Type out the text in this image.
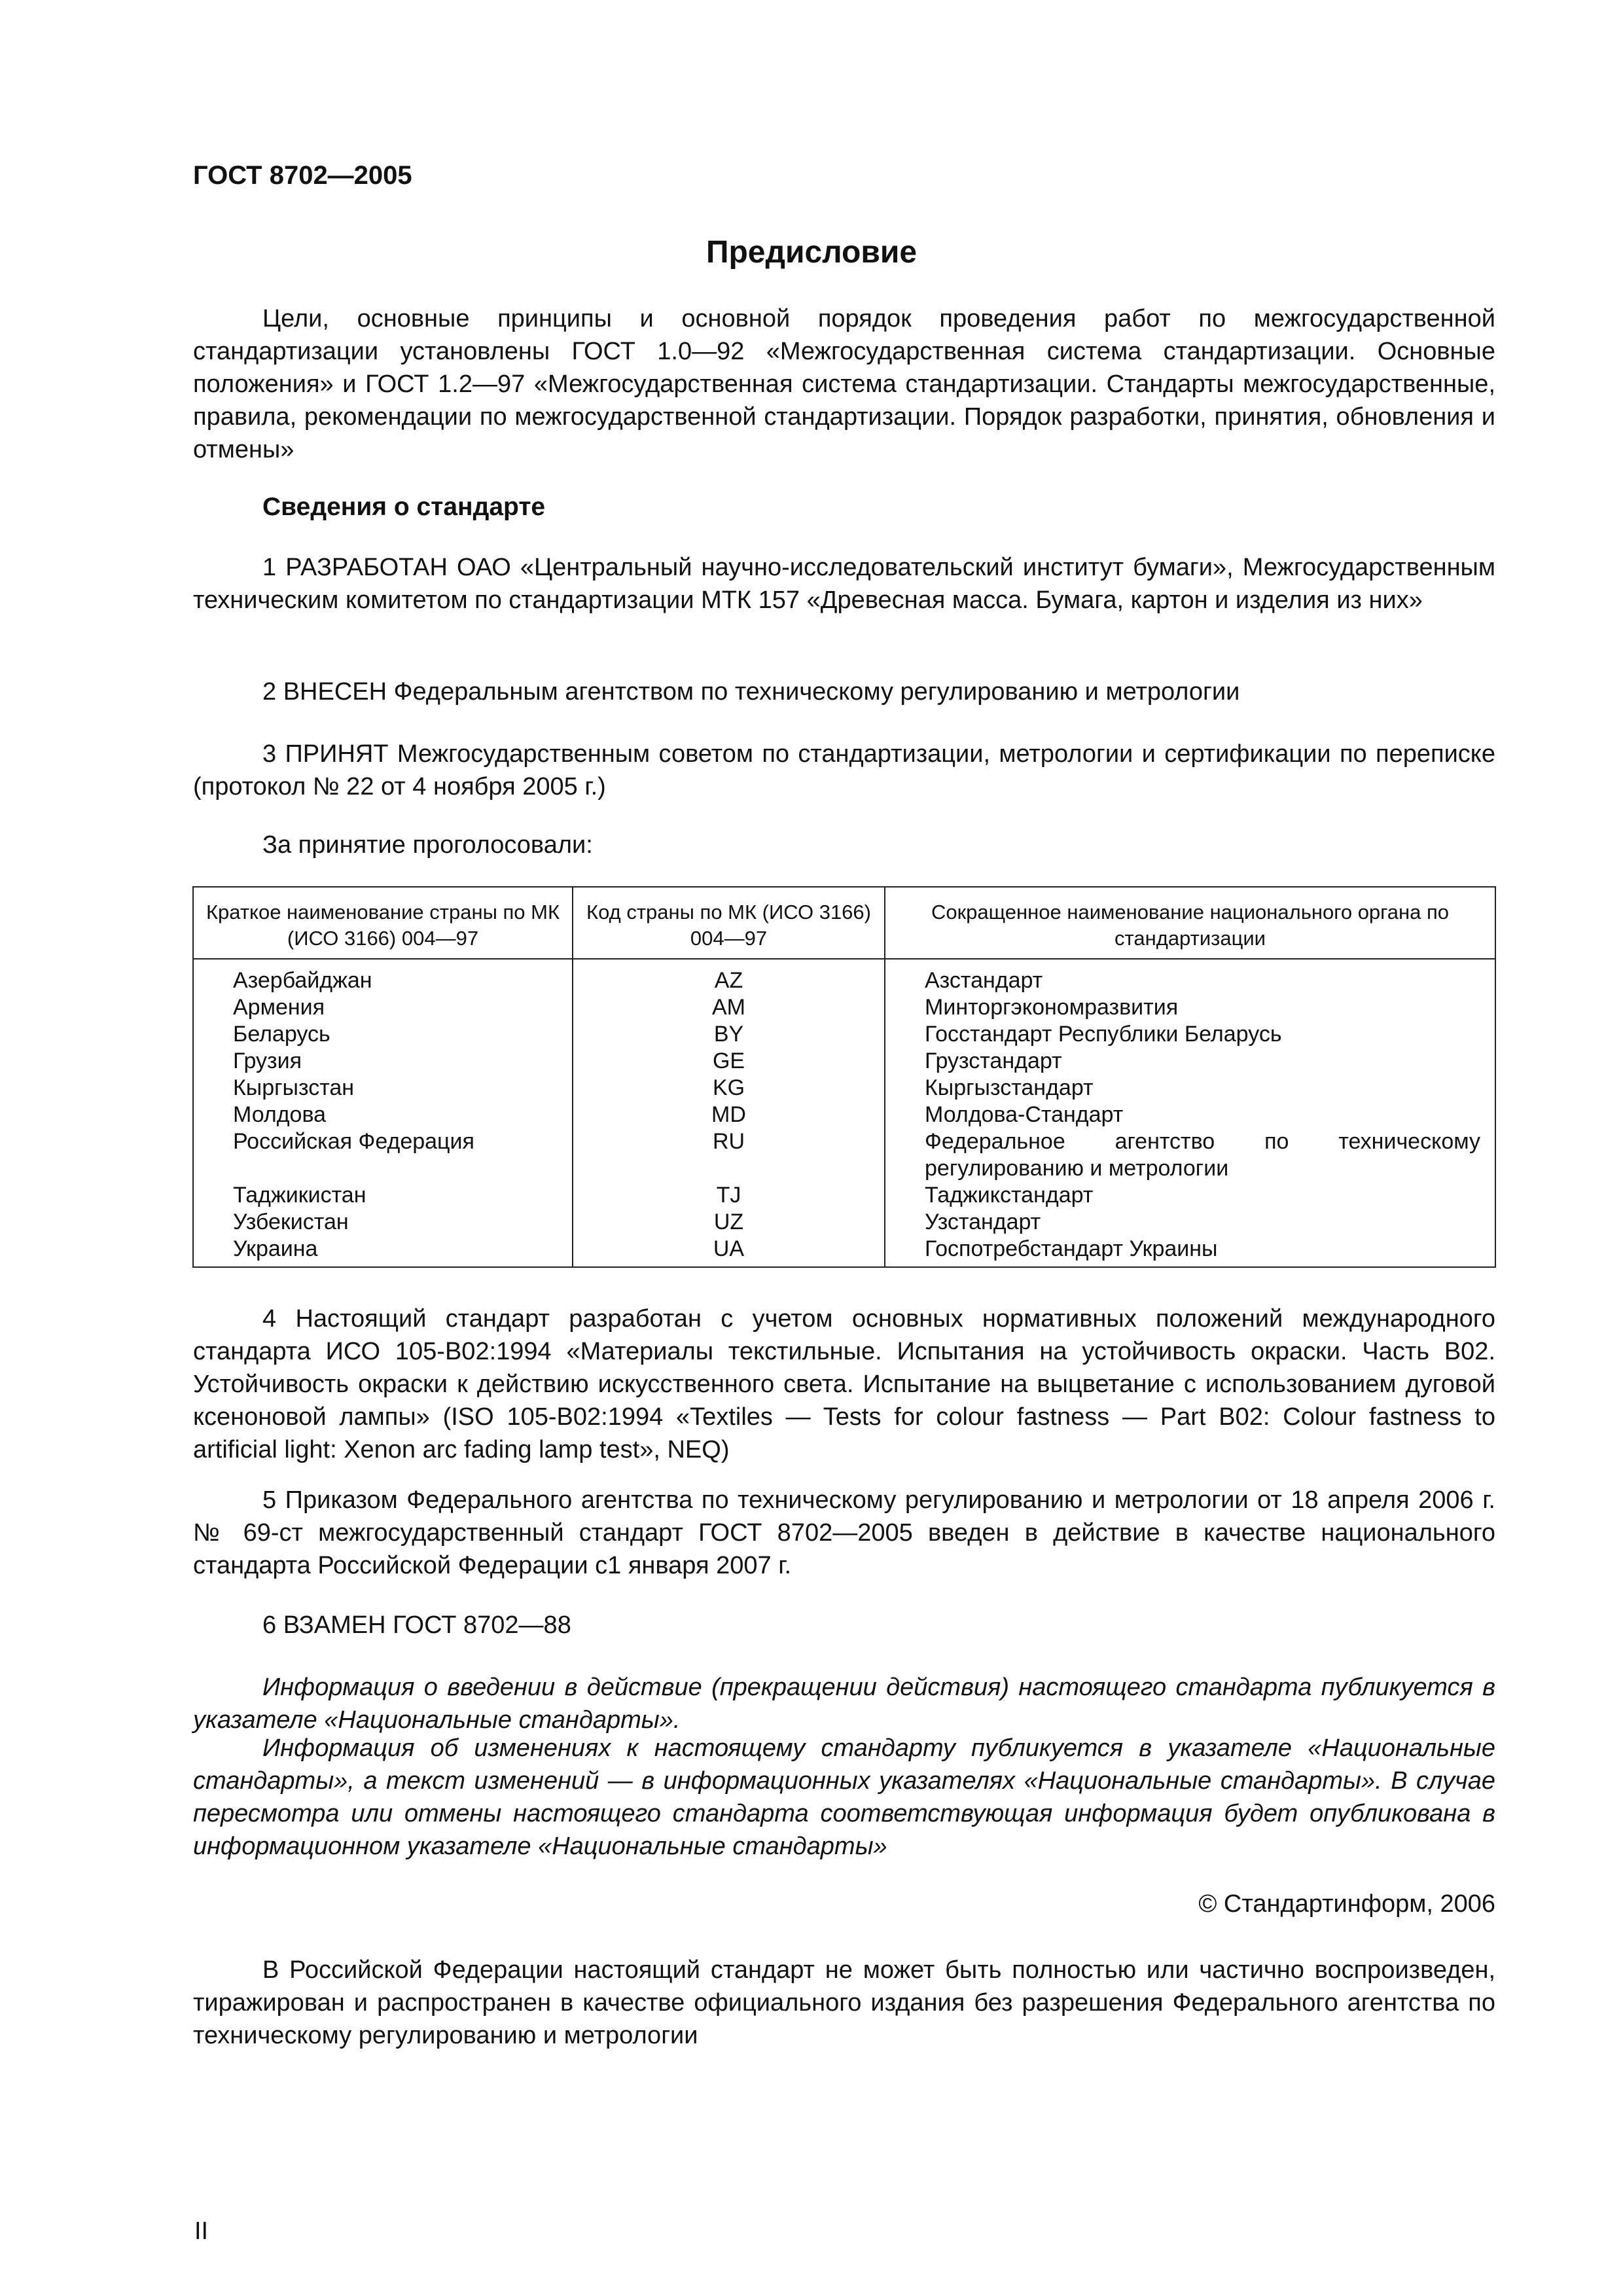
ГОСТ 8702—2005
Предисловие
Цели, основные принципы и основной порядок проведения работ по межгосударственной стандартизации установлены ГОСТ 1.0—92 «Межгосударственная система стандартизации. Основные положения» и ГОСТ 1.2—97 «Межгосударственная система стандартизации. Стандарты межгосударственные, правила, рекомендации по межгосударственной стандартизации. Порядок разработки, принятия, обновления и отмены»
Сведения о стандарте
1 РАЗРАБОТАН ОАО «Центральный научно-исследовательский институт бумаги», Межгосударственным техническим комитетом по стандартизации МТК 157 «Древесная масса. Бумага, картон и изделия из них»
2 ВНЕСЕН Федеральным агентством по техническому регулированию и метрологии
3 ПРИНЯТ Межгосударственным советом по стандартизации, метрологии и сертификации по переписке (протокол № 22 от 4 ноября 2005 г.)
За принятие проголосовали:
Краткое наименование страны по МК (ИСО 3166) 004—97	Код страны по МК (ИСО 3166) 004—97	Сокращенное наименование национального органа по стандартизации
Азербайджан	AZ	Азстандарт
Армения	AM	Минторгэкономразвития
Беларусь	BY	Госстандарт Республики Беларусь
Грузия	GE	Грузстандарт
Кыргызстан	KG	Кыргызстандарт
Молдова	MD	Молдова-Стандарт
Российская Федерация	RU	Федеральное агентство по техническому регулированию и метрологии
Таджикистан	TJ	Таджикстандарт
Узбекистан	UZ	Узстандарт
Украина	UA	Госпотребстандарт Украины
4 Настоящий стандарт разработан с учетом основных нормативных положений международного стандарта ИСО 105-В02:1994 «Материалы текстильные. Испытания на устойчивость окраски. Часть В02. Устойчивость окраски к действию искусственного света. Испытание на выцветание с использованием дуговой ксеноновой лампы» (ISO 105-B02:1994 «Textiles — Tests for colour fastness — Part B02: Colour fastness to artificial light: Xenon arc fading lamp test», NEQ)
5 Приказом Федерального агентства по техническому регулированию и метрологии от 18 апреля 2006 г. № 69-ст межгосударственный стандарт ГОСТ 8702—2005 введен в действие в качестве национального стандарта Российской Федерации с1 января 2007 г.
6 ВЗАМЕН ГОСТ 8702—88
Информация о введении в действие (прекращении действия) настоящего стандарта публикуется в указателе «Национальные стандарты».
Информация об изменениях к настоящему стандарту публикуется в указателе «Национальные стандарты», а текст изменений — в информационных указателях «Национальные стандарты». В случае пересмотра или отмены настоящего стандарта соответствующая информация будет опубликована в информационном указателе «Национальные стандарты»
© Стандартинформ, 2006
В Российской Федерации настоящий стандарт не может быть полностью или частично воспроизведен, тиражирован и распространен в качестве официального издания без разрешения Федерального агентства по техническому регулированию и метрологии
II
